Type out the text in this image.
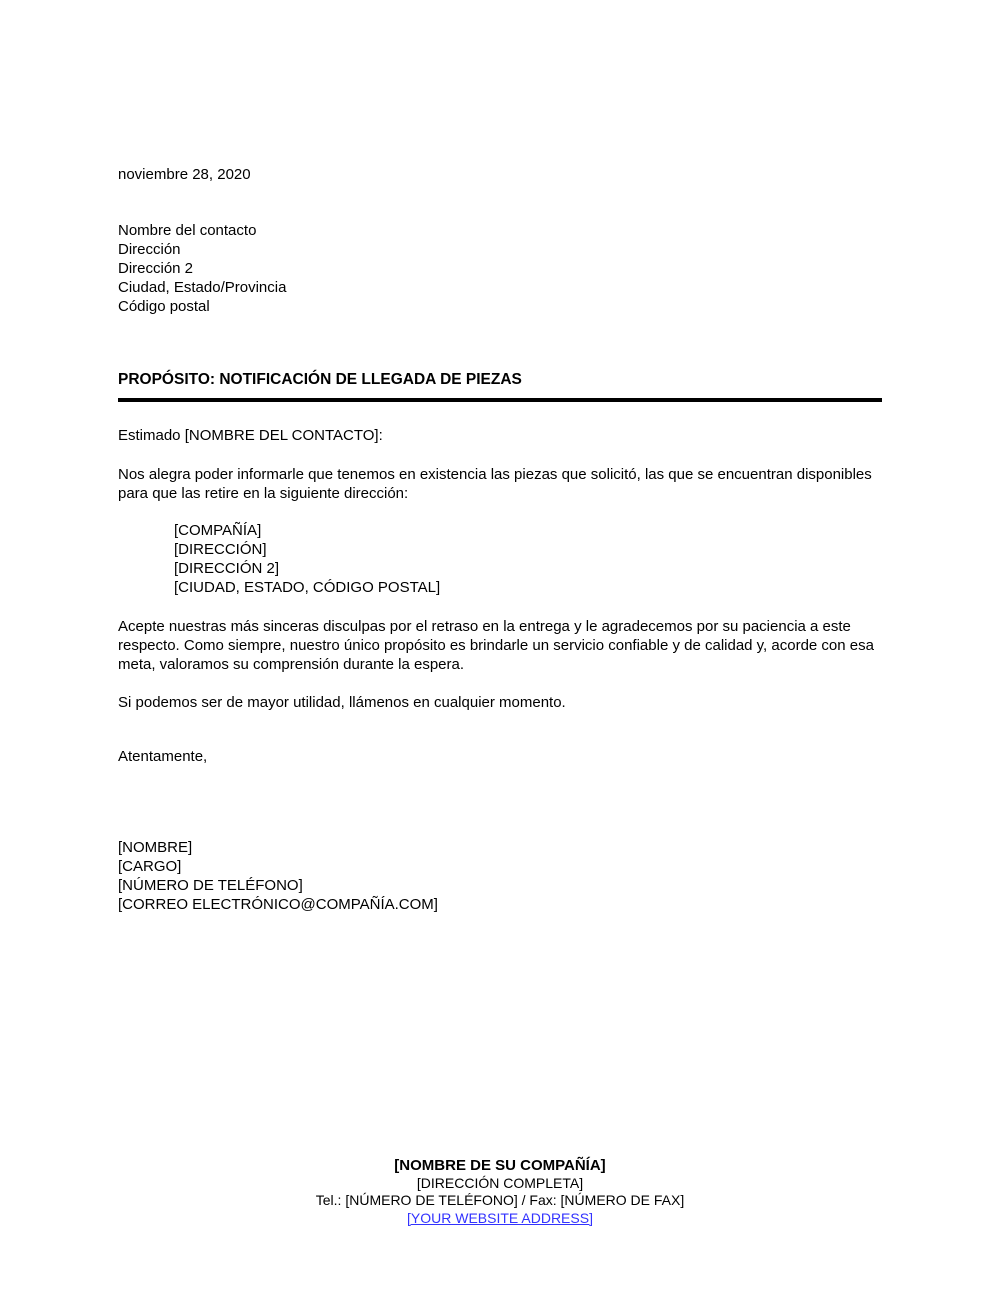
noviembre 28, 2020
Nombre del contacto
Dirección
Dirección 2
Ciudad, Estado/Provincia
Código postal
PROPÓSITO: NOTIFICACIÓN DE LLEGADA DE PIEZAS
Estimado [NOMBRE DEL CONTACTO]:
Nos alegra poder informarle que tenemos en existencia las piezas que solicitó, las que se encuentran disponibles para que las retire en la siguiente dirección:
[COMPAÑÍA]
[DIRECCIÓN]
[DIRECCIÓN 2]
[CIUDAD, ESTADO, CÓDIGO POSTAL]
Acepte nuestras más sinceras disculpas por el retraso en la entrega y le agradecemos por su paciencia a este respecto. Como siempre, nuestro único propósito es brindarle un servicio confiable y de calidad y, acorde con esa meta, valoramos su comprensión durante la espera.
Si podemos ser de mayor utilidad, llámenos en cualquier momento.
Atentamente,
[NOMBRE]
[CARGO]
[NÚMERO DE TELÉFONO]
[CORREO ELECTRÓNICO@COMPAÑÍA.COM]
[NOMBRE DE SU COMPAÑÍA]
[DIRECCIÓN COMPLETA]
Tel.: [NÚMERO DE TELÉFONO] / Fax: [NÚMERO DE FAX]
[YOUR WEBSITE ADDRESS]
